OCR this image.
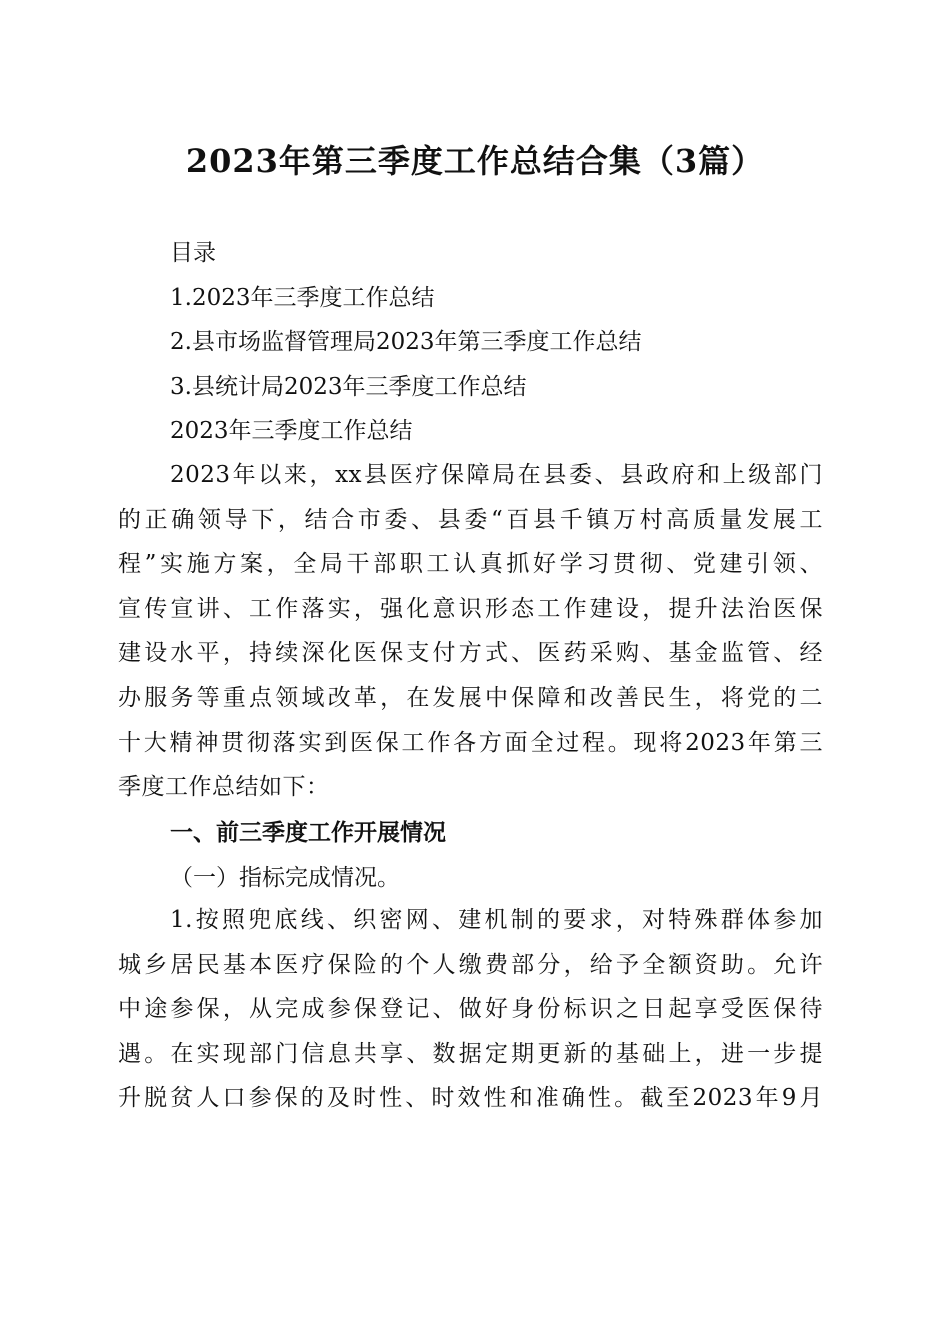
2023年第三季度工作总结合集（3篇）
目录
1.2023年三季度工作总结
2.县市场监督管理局2023年第三季度工作总结
3.县统计局2023年三季度工作总结
2023年三季度工作总结
2023年以来，xx县医疗保障局在县委、县政府和上级部门
的正确领导下，结合市委、县委“百县千镇万村高质量发展工
程”实施方案，全局干部职工认真抓好学习贯彻、党建引领、
宣传宣讲、工作落实，强化意识形态工作建设，提升法治医保
建设水平，持续深化医保支付方式、医药采购、基金监管、经
办服务等重点领域改革，在发展中保障和改善民生，将党的二
十大精神贯彻落实到医保工作各方面全过程。现将2023年第三
季度工作总结如下：
一、前三季度工作开展情况
（一）指标完成情况。
1.按照兜底线、织密网、建机制的要求，对特殊群体参加
城乡居民基本医疗保险的个人缴费部分，给予全额资助。允许
中途参保，从完成参保登记、做好身份标识之日起享受医保待
遇。在实现部门信息共享、数据定期更新的基础上，进一步提
升脱贫人口参保的及时性、时效性和准确性。截至2023年9月
